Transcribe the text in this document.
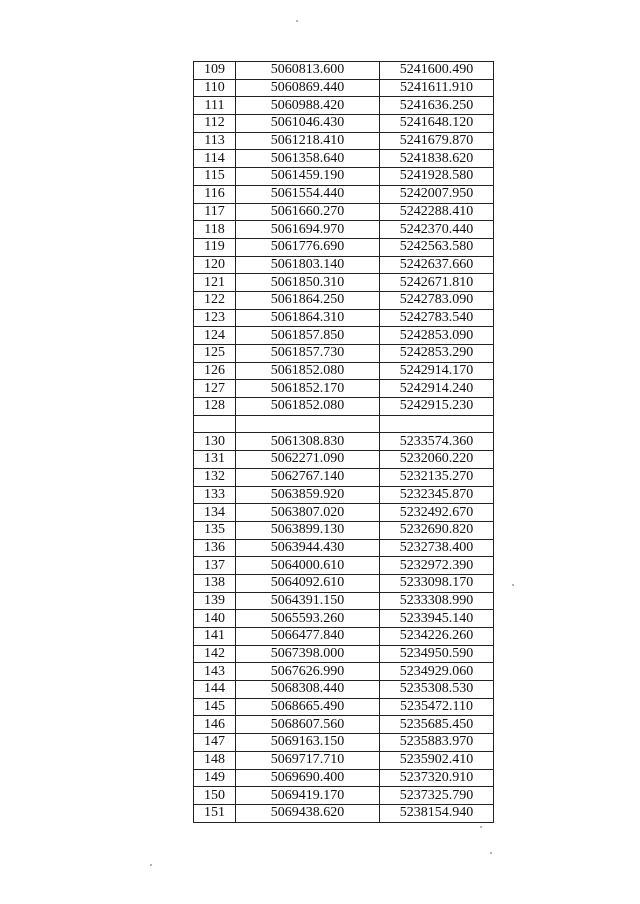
109	5060813.600	5241600.490
110	5060869.440	5241611.910
111	5060988.420	5241636.250
112	5061046.430	5241648.120
113	5061218.410	5241679.870
114	5061358.640	5241838.620
115	5061459.190	5241928.580
116	5061554.440	5242007.950
117	5061660.270	5242288.410
118	5061694.970	5242370.440
119	5061776.690	5242563.580
120	5061803.140	5242637.660
121	5061850.310	5242671.810
122	5061864.250	5242783.090
123	5061864.310	5242783.540
124	5061857.850	5242853.090
125	5061857.730	5242853.290
126	5061852.080	5242914.170
127	5061852.170	5242914.240
128	5061852.080	5242915.230

130	5061308.830	5233574.360
131	5062271.090	5232060.220
132	5062767.140	5232135.270
133	5063859.920	5232345.870
134	5063807.020	5232492.670
135	5063899.130	5232690.820
136	5063944.430	5232738.400
137	5064000.610	5232972.390
138	5064092.610	5233098.170
139	5064391.150	5233308.990
140	5065593.260	5233945.140
141	5066477.840	5234226.260
142	5067398.000	5234950.590
143	5067626.990	5234929.060
144	5068308.440	5235308.530
145	5068665.490	5235472.110
146	5068607.560	5235685.450
147	5069163.150	5235883.970
148	5069717.710	5235902.410
149	5069690.400	5237320.910
150	5069419.170	5237325.790
151	5069438.620	5238154.940
